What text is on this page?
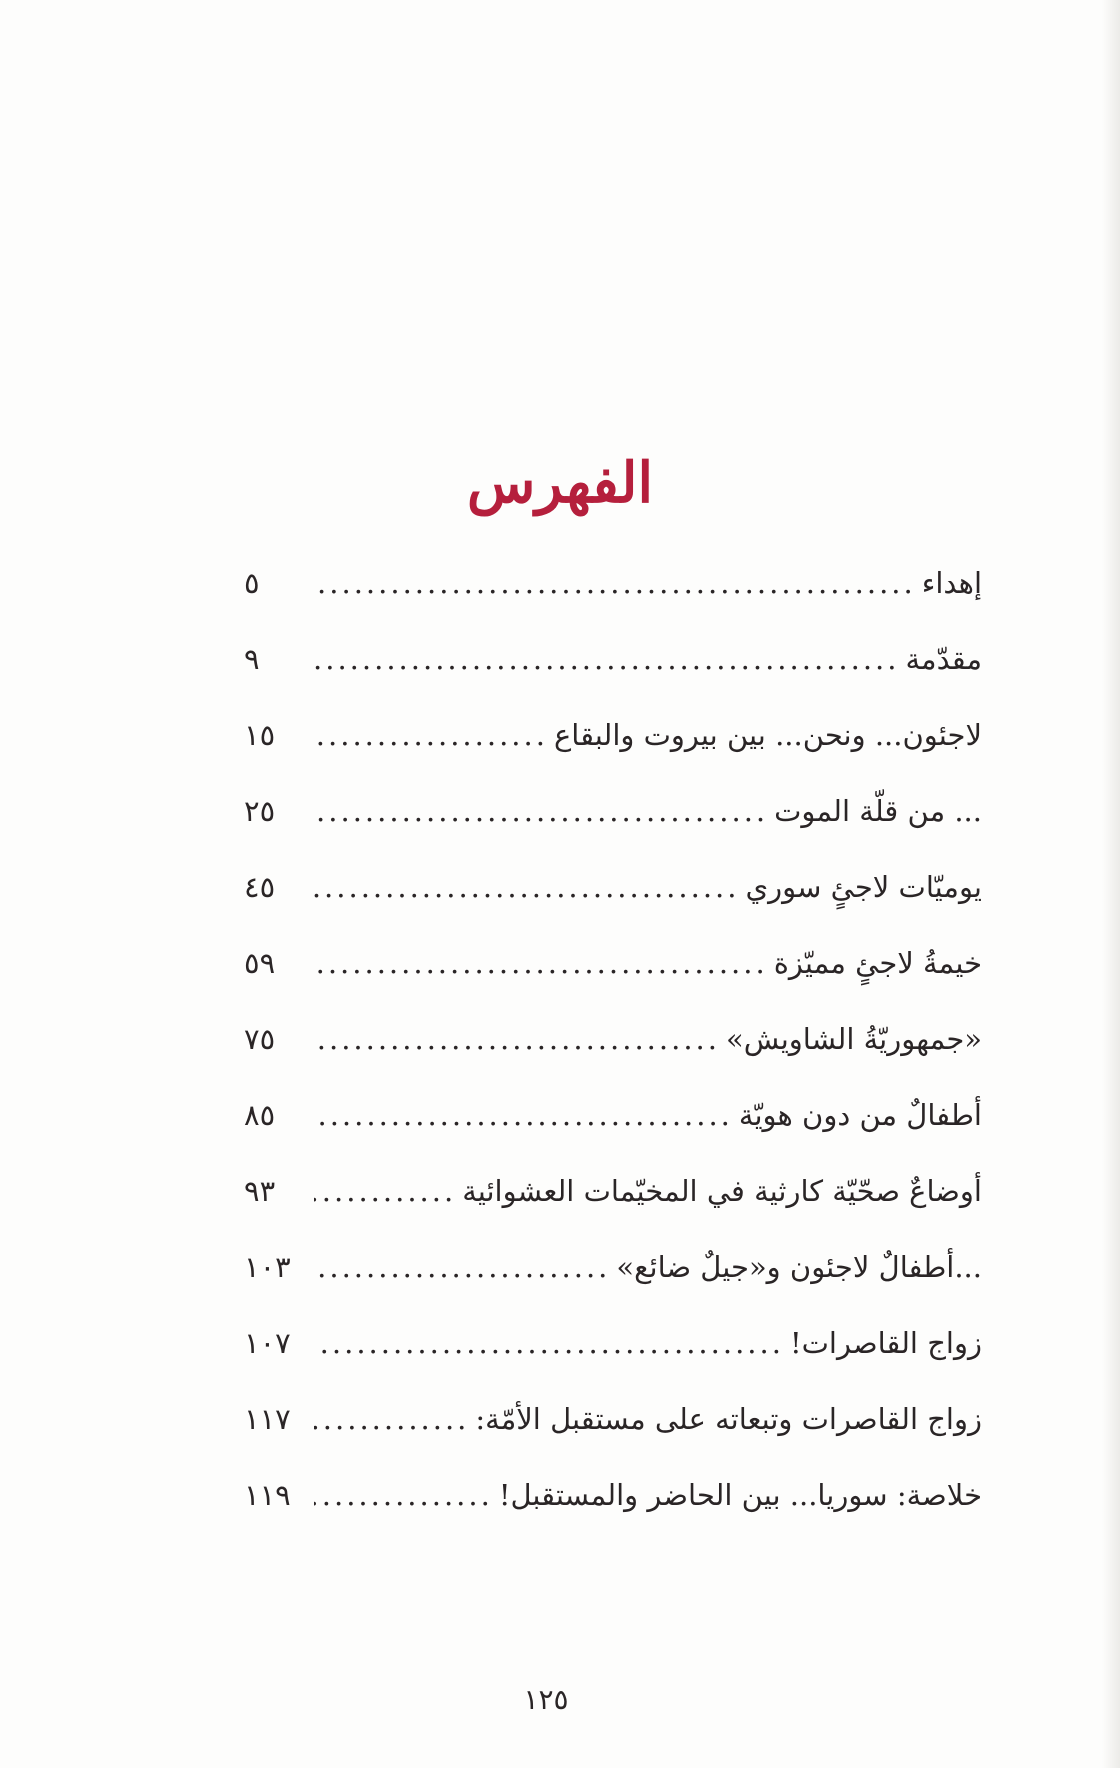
الفهرس
إهداء
.....
٥
مقدّمة
.....
٩
لاجئون... ونحن... بين بيروت والبقاع
.....
١٥
... من قلّة الموت
.....
٢٥
يوميّات لاجئٍ سوري
.....
٤٥
خيمةُ لاجئٍ مميّزة
.....
٥٩
«جمهوريّةُ الشاويش»
.....
٧٥
أطفالٌ من دون هويّة
.....
٨٥
أوضاعٌ صحّيّة كارثية في المخيّمات العشوائية
.....
٩٣
...أطفالٌ لاجئون و«جيلٌ ضائع»
.....
١٠٣
زواج القاصرات!
.....
١٠٧
زواج القاصرات وتبعاته على مستقبل الأمّة:
.....
١١٧
خلاصة: سوريا... بين الحاضر والمستقبل!
.....
١١٩
١٢٥
